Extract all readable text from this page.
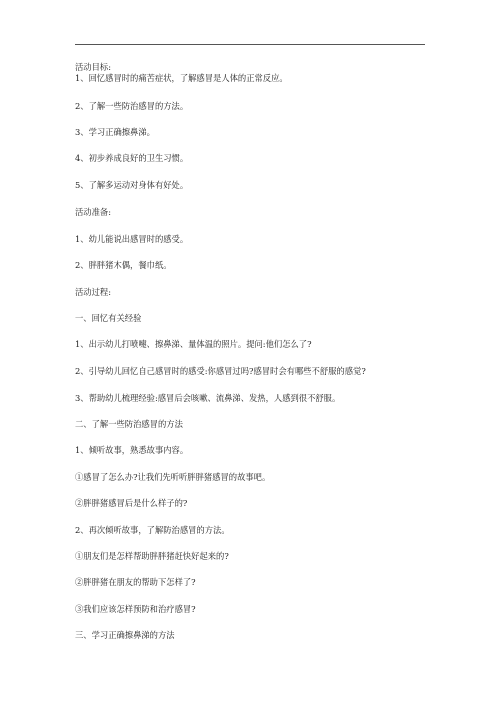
活动目标:
1、回忆感冒时的痛苦症状，了解感冒是人体的正常反应。
2、了解一些防治感冒的方法。
3、学习正确擦鼻涕。
4、初步养成良好的卫生习惯。
5、了解多运动对身体有好处。
活动准备:
1、幼儿能说出感冒时的感受。
2、胖胖猪木偶，餐巾纸。
活动过程:
一、回忆有关经验
1、出示幼儿打喷嚏、擦鼻涕、量体温的照片。提问:他们怎么了?
2、引导幼儿回忆自己感冒时的感受:你感冒过吗?感冒时会有哪些不舒服的感觉?
3、帮助幼儿梳理经验:感冒后会咳嗽、流鼻涕、发热，人感到很不舒服。
二、了解一些防治感冒的方法
1、倾听故事，熟悉故事内容。
①感冒了怎么办?让我们先听听胖胖猪感冒的故事吧。
②胖胖猪感冒后是什么样子的?
2、再次倾听故事，了解防治感冒的方法。
①朋友们是怎样帮助胖胖猪赶快好起来的?
②胖胖猪在朋友的帮助下怎样了?
③我们应该怎样预防和治疗感冒?
三、学习正确擦鼻涕的方法
